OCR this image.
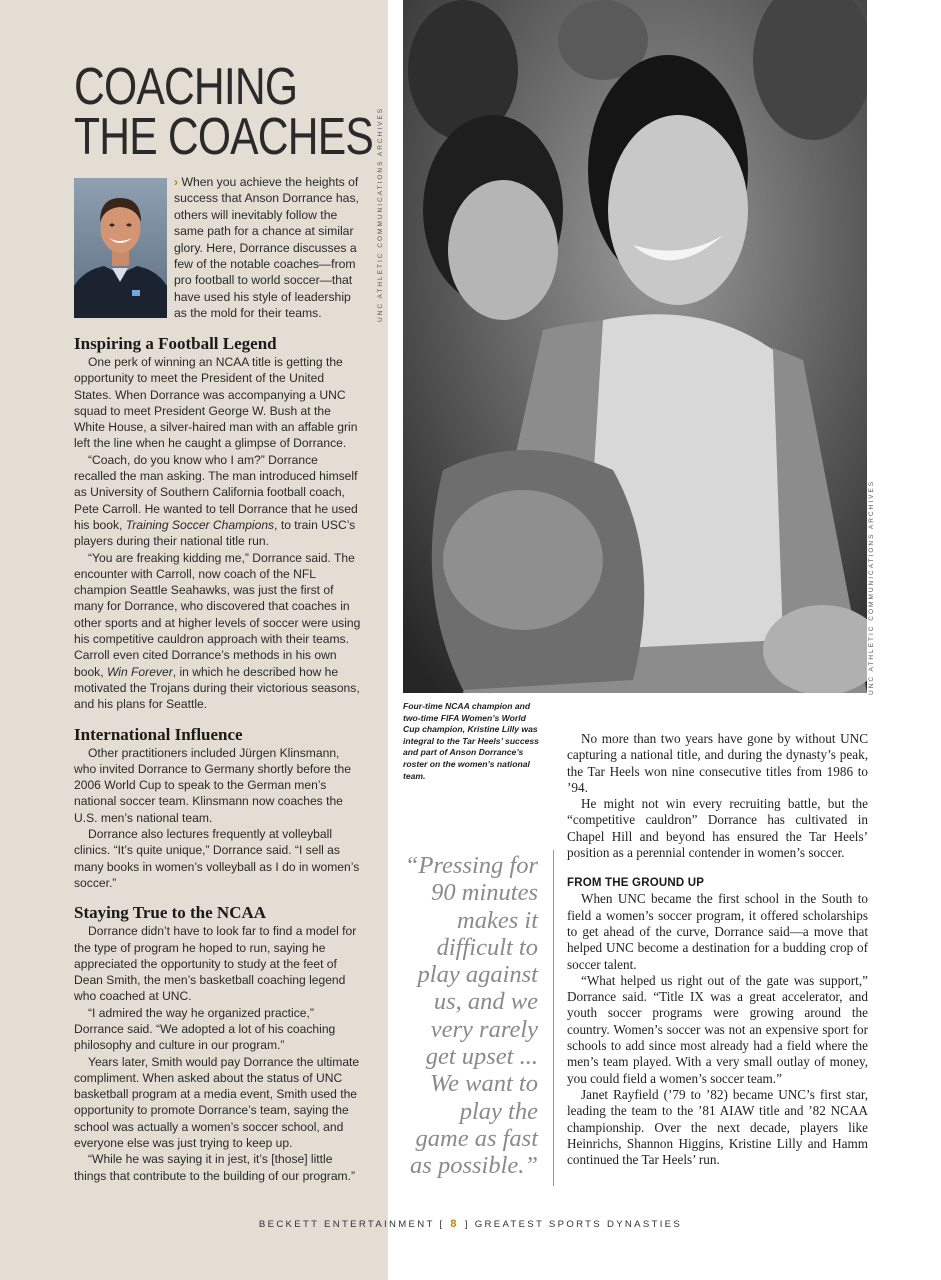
COACHING
THE COACHES

› When you achieve the heights of success that Anson Dorrance has, others will inevitably follow the same path for a chance at similar glory. Here, Dorrance discusses a few of the notable coaches—from pro football to world soccer—that have used his style of leadership as the mold for their teams.	UNC ATHLETIC COMMUNICATIONS ARCHIVES
UNC ATHLETIC COMMUNICATIONS ARCHIVES
Inspiring a Football Legend

One perk of winning an NCAA title is getting the opportunity to meet the President of the United States. When Dorrance was accompanying a UNC squad to meet President George W. Bush at the White House, a silver-haired man with an affable grin left the line when he caught a glimpse of Dorrance.

“Coach, do you know who I am?” Dorrance recalled the man asking. The man introduced himself as University of Southern California football coach, Pete Carroll. He wanted to tell Dorrance that he used his book, Training Soccer Champions, to train USC’s players during their national title run.

“You are freaking kidding me,” Dorrance said. The encounter with Carroll, now coach of the NFL champion Seattle Seahawks, was just the first of many for Dorrance, who discovered that coaches in other sports and at higher levels of soccer were using his competitive cauldron approach with their teams. Carroll even cited Dorrance’s methods in his own book, Win Forever, in which he described how he motivated the Trojans during their victorious seasons, and his plans for Seattle.

International Influence

Other practitioners included Jürgen Klinsmann, who invited Dorrance to Germany shortly before the 2006 World Cup to speak to the German men’s national soccer team. Klinsmann now coaches the U.S. men’s national team.

Dorrance also lectures frequently at volleyball clinics. “It’s quite unique,” Dorrance said. “I sell as many books in women’s volleyball as I do in women’s soccer.”

Staying True to the NCAA

Dorrance didn’t have to look far to find a model for the type of program he hoped to run, saying he appreciated the opportunity to study at the feet of Dean Smith, the men’s basketball coaching legend who coached at UNC.

“I admired the way he organized practice,” Dorrance said. “We adopted a lot of his coaching philosophy and culture in our program.”

Years later, Smith would pay Dorrance the ultimate compliment. When asked about the status of UNC basketball program at a media event, Smith used the opportunity to promote Dorrance’s team, saying the school was actually a women’s soccer school, and everyone else was just trying to keep up.

“While he was saying it in jest, it’s [those] little things that contribute to the building of our program.”

Four-time NCAA champion and two-time FIFA Women’s World Cup champion, Kristine Lilly was integral to the Tar Heels’ success and part of Anson Dorrance’s roster on the women’s national team.

“Pressing for 90 minutes makes it difficult to play against us, and we very rarely get upset ... We want to play the game as fast as possible.”

No more than two years have gone by without UNC capturing a national title, and during the dynasty’s peak, the Tar Heels won nine consecutive titles from 1986 to ’94.

He might not win every recruiting battle, but the “competitive cauldron” Dorrance has cultivated in Chapel Hill and beyond has ensured the Tar Heels’ position as a perennial contender in women’s soccer.

FROM THE GROUND UP

When UNC became the first school in the South to field a women’s soccer program, it offered scholarships to get ahead of the curve, Dorrance said—a move that helped UNC become a destination for a budding crop of soccer talent.

“What helped us right out of the gate was support,” Dorrance said. “Title IX was a great accelerator, and youth soccer programs were growing around the country. Women’s soccer was not an expensive sport for schools to add since most already had a field where the men’s team played. With a very small outlay of money, you could field a women’s soccer team.”

Janet Rayfield (’79 to ’82) became UNC’s first star, leading the team to the ’81 AIAW title and ’82 NCAA championship. Over the next decade, players like Heinrichs, Shannon Higgins, Kristine Lilly and Hamm continued the Tar Heels’ run.

BECKETT ENTERTAINMENT [ 8 ] GREATEST SPORTS DYNASTIES
